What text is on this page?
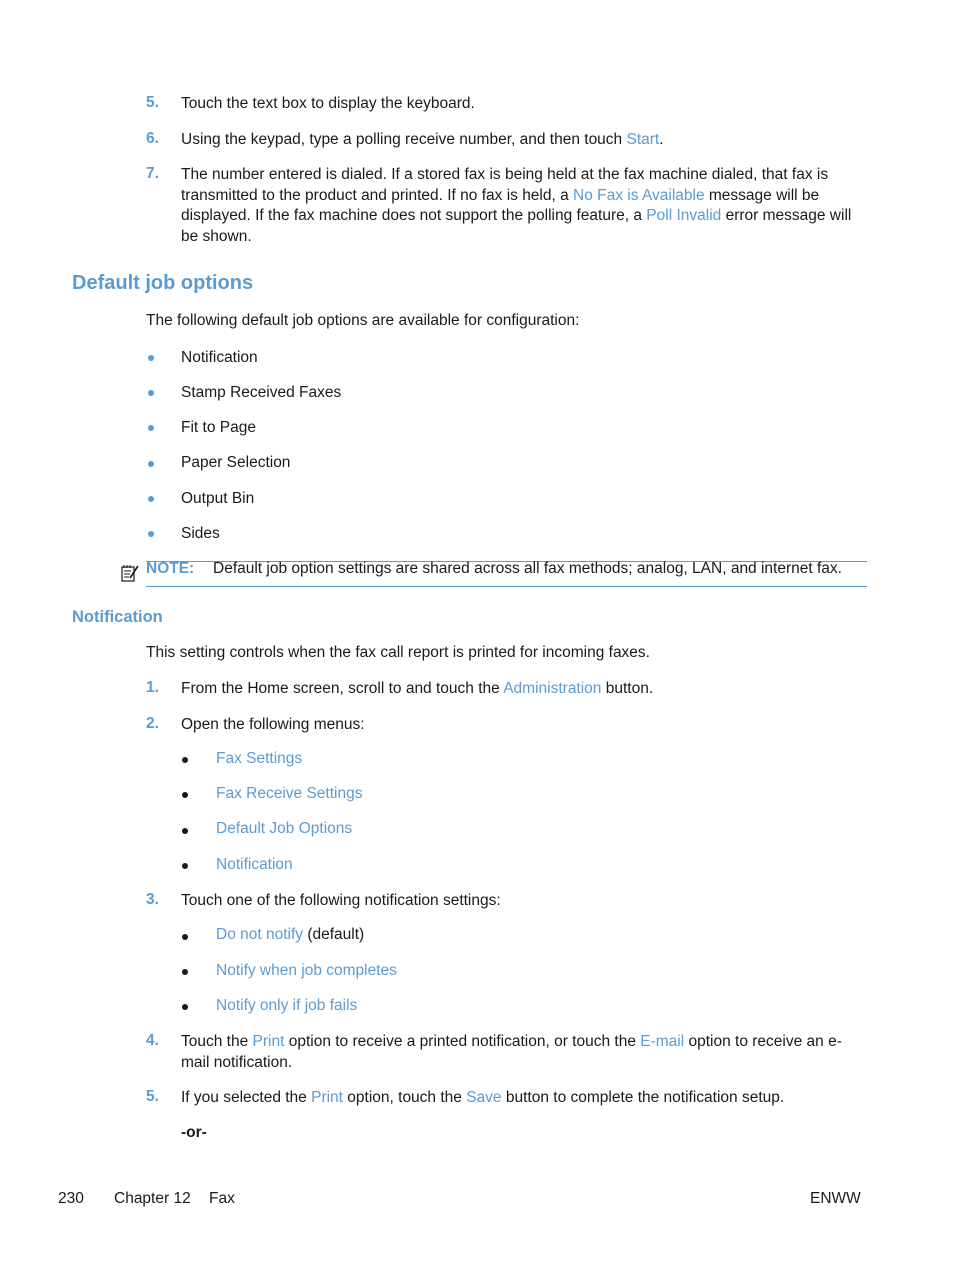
5. Touch the text box to display the keyboard.
6. Using the keypad, type a polling receive number, and then touch Start.
7. The number entered is dialed. If a stored fax is being held at the fax machine dialed, that fax is
transmitted to the product and printed. If no fax is held, a No Fax is Available message will be
displayed. If the fax machine does not support the polling feature, a Poll Invalid error message will
be shown.
Default job options
The following default job options are available for configuration:
Notification
Stamp Received Faxes
Fit to Page
Paper Selection
Output Bin
Sides
NOTE: Default job option settings are shared across all fax methods; analog, LAN, and internet fax.
Notification
This setting controls when the fax call report is printed for incoming faxes.
1. From the Home screen, scroll to and touch the Administration button.
2. Open the following menus:
Fax Settings
Fax Receive Settings
Default Job Options
Notification
3. Touch one of the following notification settings:
Do not notify (default)
Notify when job completes
Notify only if job fails
4. Touch the Print option to receive a printed notification, or touch the E-mail option to receive an e-
mail notification.
5. If you selected the Print option, touch the Save button to complete the notification setup.
-or-
230 Chapter 12 Fax	ENWW
